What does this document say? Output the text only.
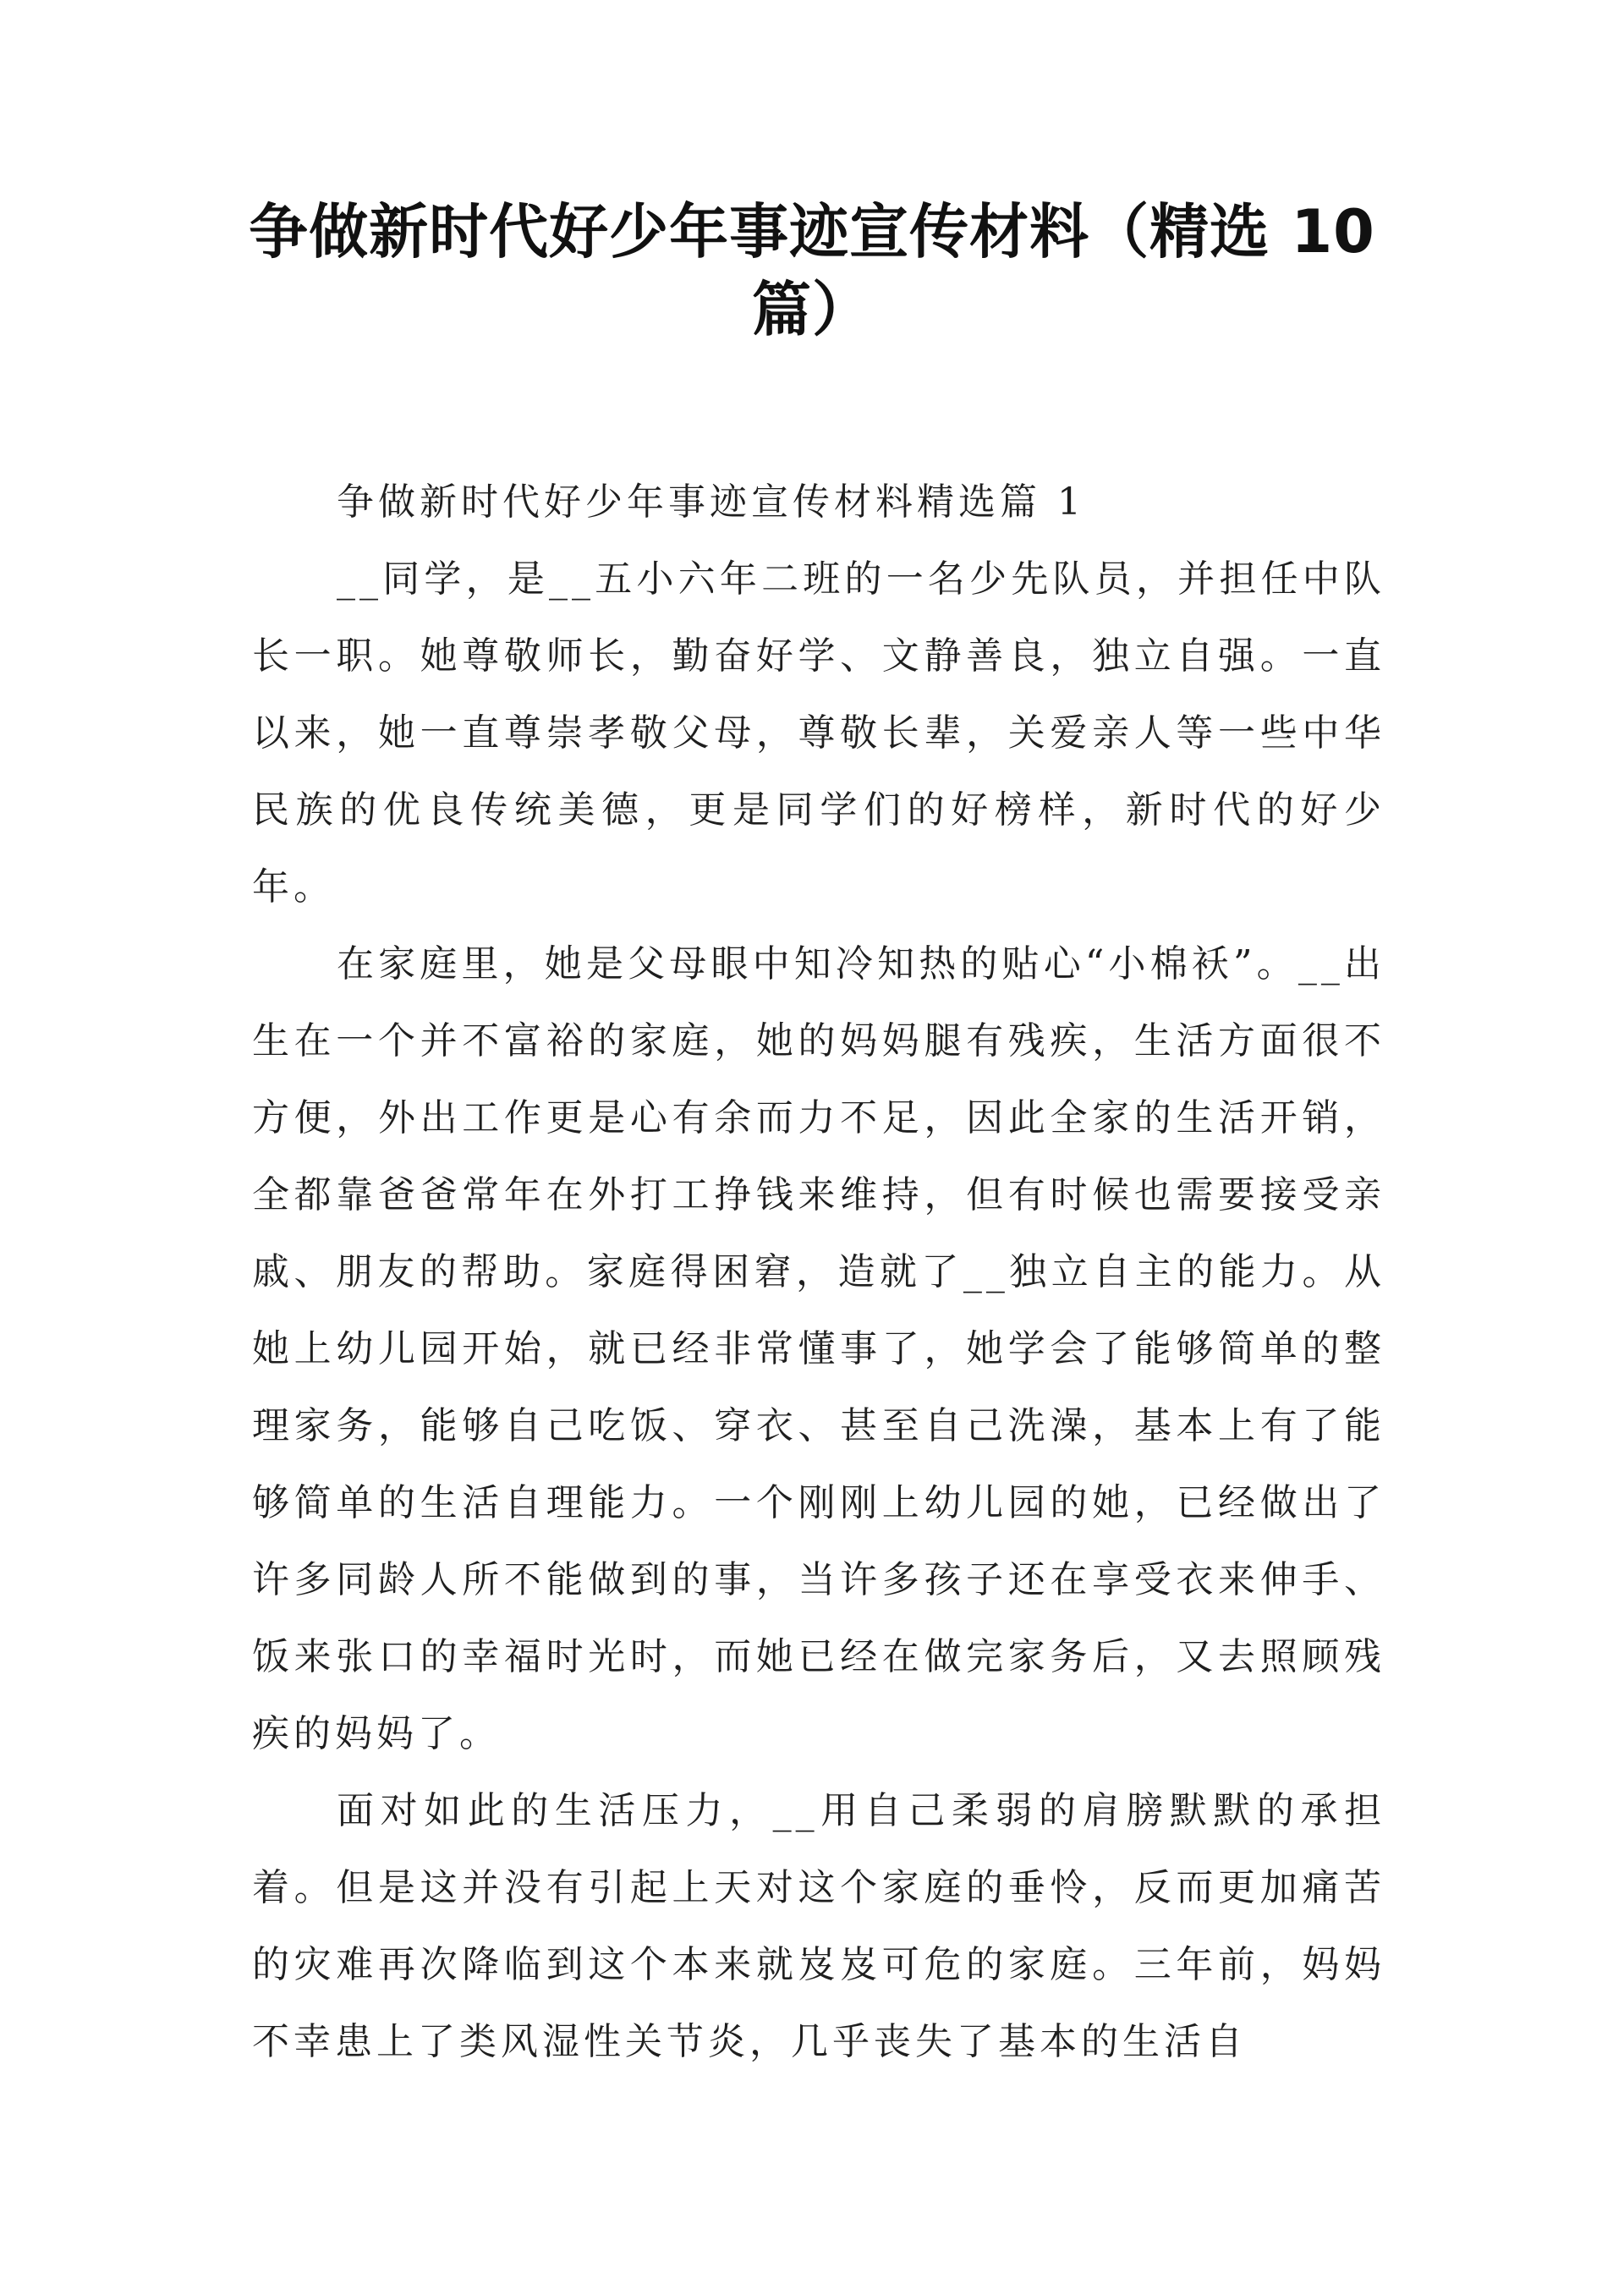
争做新时代好少年事迹宣传材料（精选 10
篇）

争做新时代好少年事迹宣传材料精选篇 1

__同学，是__五小六年二班的一名少先队员，并担任中队长一职。她尊敬师长，勤奋好学、文静善良，独立自强。一直以来，她一直尊崇孝敬父母，尊敬长辈，关爱亲人等一些中华民族的优良传统美德，更是同学们的好榜样，新时代的好少年。

在家庭里，她是父母眼中知冷知热的贴心“小棉袄”。__出生在一个并不富裕的家庭，她的妈妈腿有残疾，生活方面很不方便，外出工作更是心有余而力不足，因此全家的生活开销，全都靠爸爸常年在外打工挣钱来维持，但有时候也需要接受亲戚、朋友的帮助。家庭得困窘，造就了__独立自主的能力。从她上幼儿园开始，就已经非常懂事了，她学会了能够简单的整理家务，能够自己吃饭、穿衣、甚至自己洗澡，基本上有了能够简单的生活自理能力。一个刚刚上幼儿园的她，已经做出了许多同龄人所不能做到的事，当许多孩子还在享受衣来伸手、饭来张口的幸福时光时，而她已经在做完家务后，又去照顾残疾的妈妈了。

面对如此的生活压力，__用自己柔弱的肩膀默默的承担着。但是这并没有引起上天对这个家庭的垂怜，反而更加痛苦的灾难再次降临到这个本来就岌岌可危的家庭。三年前，妈妈不幸患上了类风湿性关节炎，几乎丧失了基本的生活自
